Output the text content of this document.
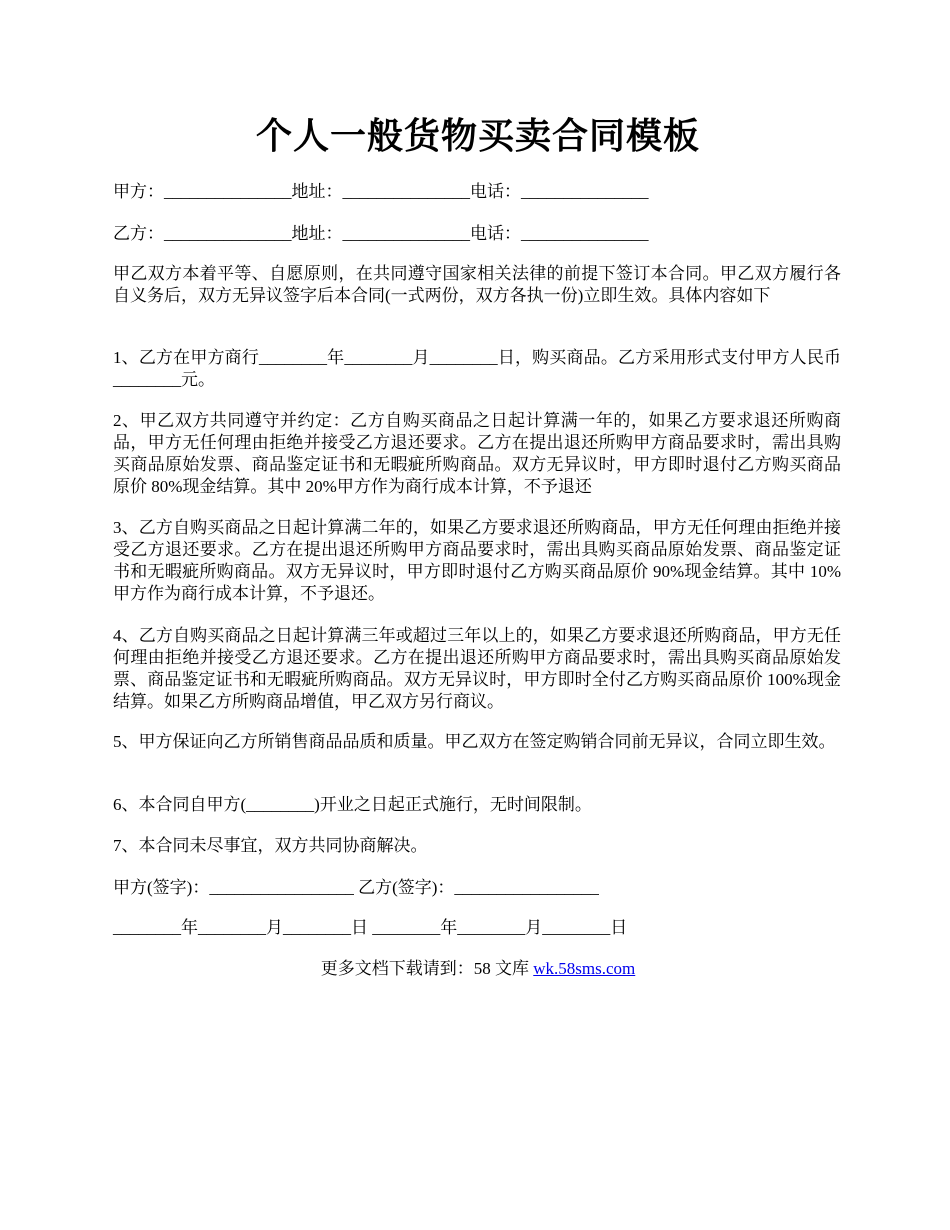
个人一般货物买卖合同模板

甲方：_______________地址：_______________电话：_______________

乙方：_______________地址：_______________电话：_______________

甲乙双方本着平等、自愿原则，在共同遵守国家相关法律的前提下签订本合同。甲乙双方履行各自义务后，双方无异议签字后本合同(一式两份，双方各执一份)立即生效。具体内容如下

1、乙方在甲方商行________年________月________日，购买商品。乙方采用形式支付甲方人民币________元。

2、甲乙双方共同遵守并约定：乙方自购买商品之日起计算满一年的，如果乙方要求退还所购商品，甲方无任何理由拒绝并接受乙方退还要求。乙方在提出退还所购甲方商品要求时，需出具购买商品原始发票、商品鉴定证书和无暇疵所购商品。双方无异议时，甲方即时退付乙方购买商品原价 80%现金结算。其中 20%甲方作为商行成本计算，不予退还

3、乙方自购买商品之日起计算满二年的，如果乙方要求退还所购商品，甲方无任何理由拒绝并接受乙方退还要求。乙方在提出退还所购甲方商品要求时，需出具购买商品原始发票、商品鉴定证书和无暇疵所购商品。双方无异议时，甲方即时退付乙方购买商品原价 90%现金结算。其中 10%甲方作为商行成本计算，不予退还。

4、乙方自购买商品之日起计算满三年或超过三年以上的，如果乙方要求退还所购商品，甲方无任何理由拒绝并接受乙方退还要求。乙方在提出退还所购甲方商品要求时，需出具购买商品原始发票、商品鉴定证书和无暇疵所购商品。双方无异议时，甲方即时全付乙方购买商品原价 100%现金结算。如果乙方所购商品增值，甲乙双方另行商议。

5、甲方保证向乙方所销售商品品质和质量。甲乙双方在签定购销合同前无异议，合同立即生效。

6、本合同自甲方(________)开业之日起正式施行，无时间限制。

7、本合同未尽事宜，双方共同协商解决。

甲方(签字)：_________________ 乙方(签字)：_________________

________年________月________日 ________年________月________日

更多文档下载请到：58 文库 wk.58sms.com
